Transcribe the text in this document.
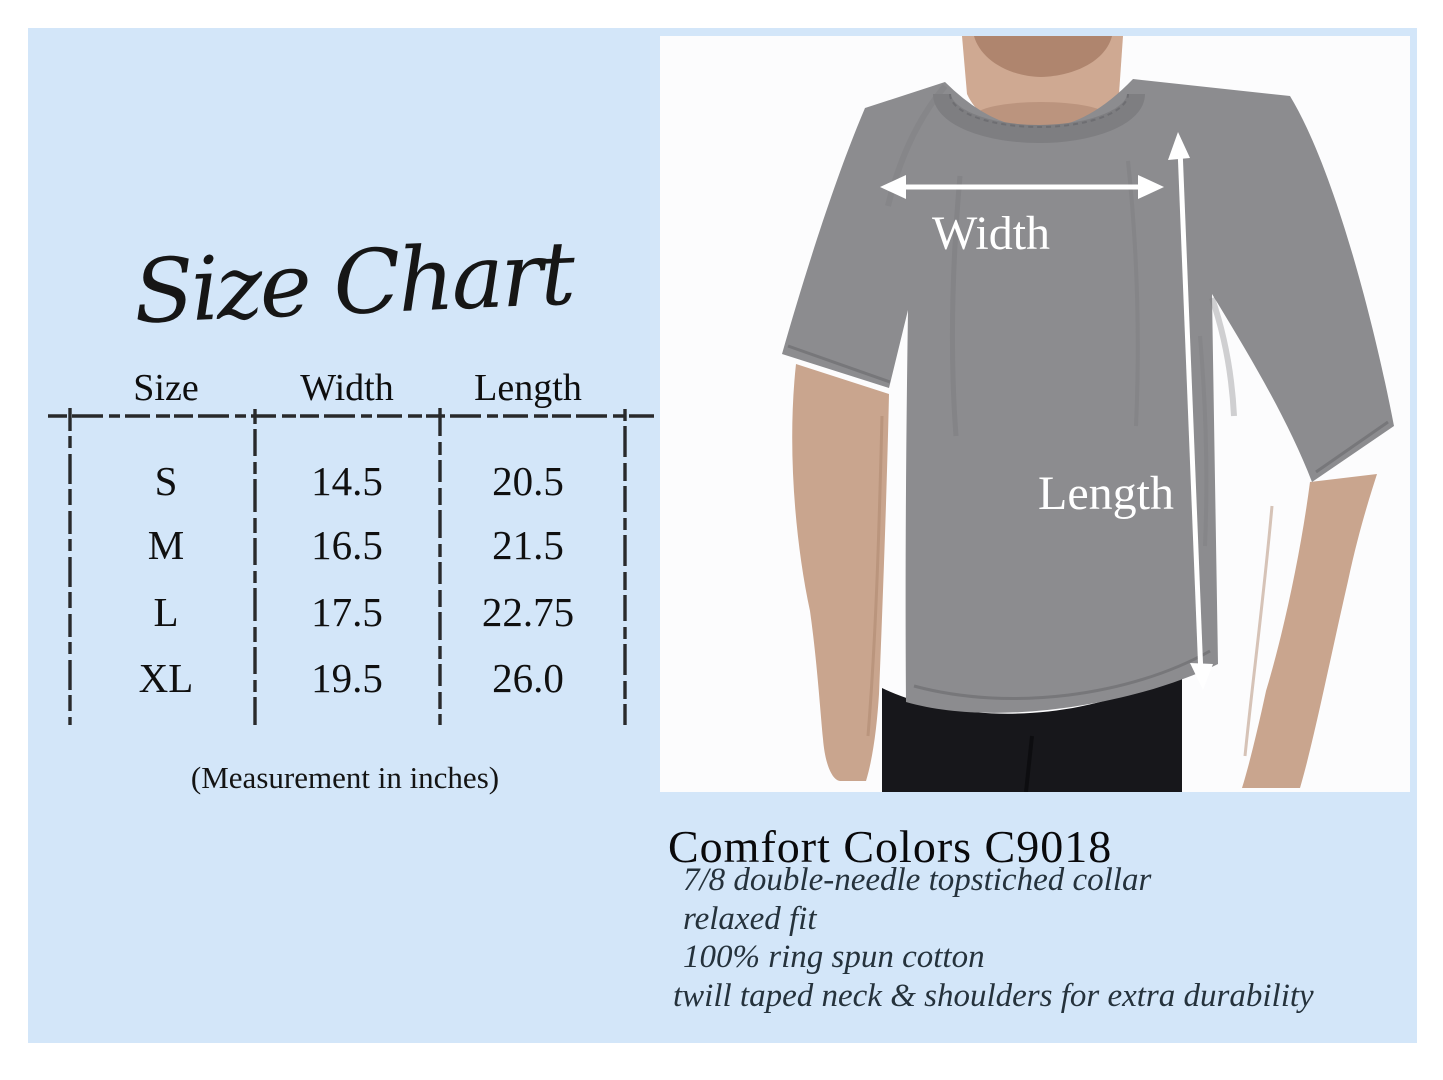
Size Chart
Size	Width Length
S	14.5	20.5
M	16.5	21.5
L	17.5 22.75
XL	19.5	26.0
(Measurement in inches)
Width
Length
Comfort Colors C9018
7/8 double-needle topstiched collar
relaxed fit
100% ring spun cotton
twill taped neck & shoulders for extra durability
